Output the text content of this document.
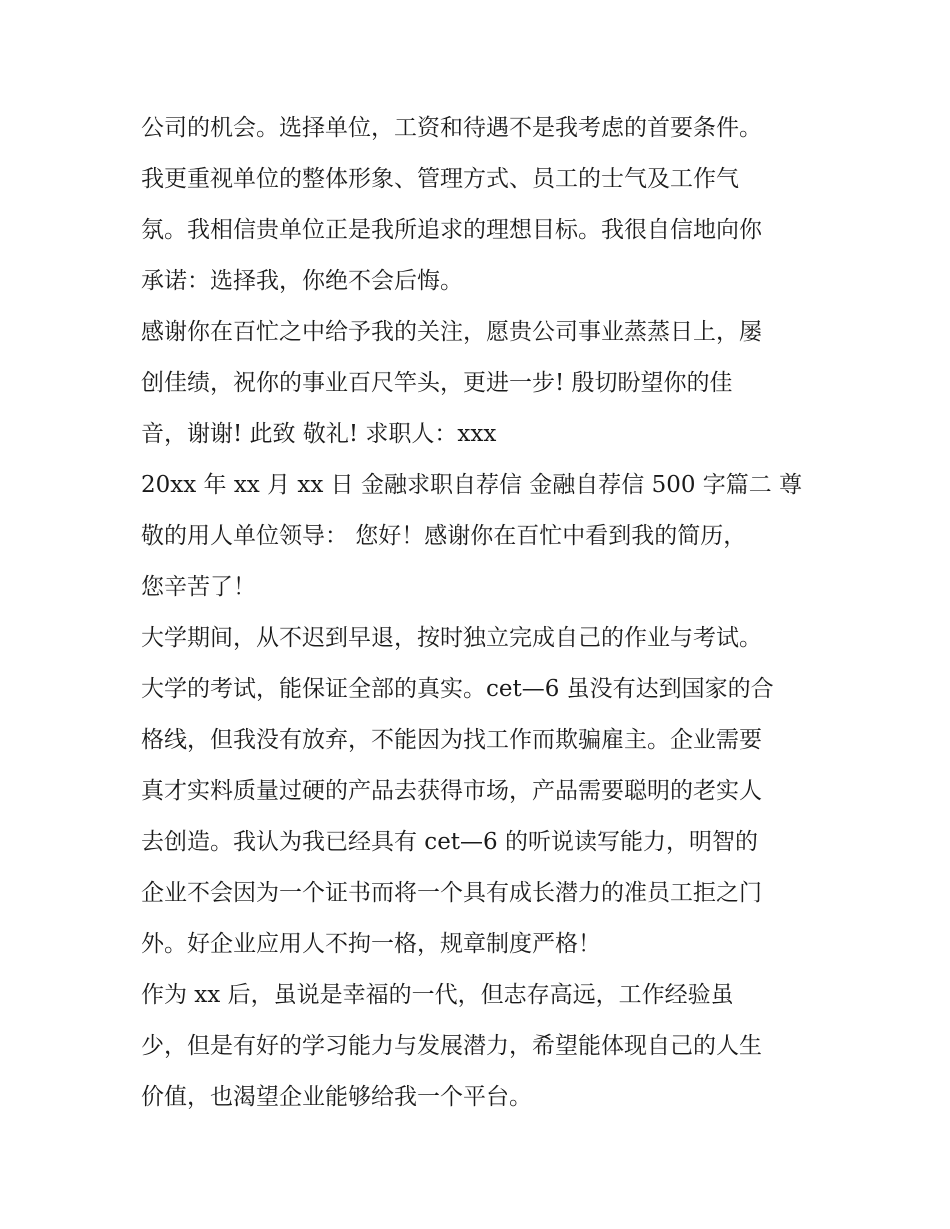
公司的机会。选择单位，工资和待遇不是我考虑的首要条件。
我更重视单位的整体形象、管理方式、员工的士气及工作气
氛。我相信贵单位正是我所追求的理想目标。我很自信地向你
承诺：选择我，你绝不会后悔。
感谢你在百忙之中给予我的关注，愿贵公司事业蒸蒸日上，屡
创佳绩，祝你的事业百尺竿头，更进一步! 殷切盼望你的佳
音，谢谢! 此致 敬礼! 求职人：xxx
20xx 年 xx 月 xx 日 金融求职自荐信 金融自荐信 500 字篇二 尊
敬的用人单位领导： 您好！感谢你在百忙中看到我的简历，
您辛苦了！
大学期间，从不迟到早退，按时独立完成自己的作业与考试。
大学的考试，能保证全部的真实。cet—6 虽没有达到国家的合
格线，但我没有放弃，不能因为找工作而欺骗雇主。企业需要
真才实料质量过硬的产品去获得市场，产品需要聪明的老实人
去创造。我认为我已经具有 cet—6 的听说读写能力，明智的
企业不会因为一个证书而将一个具有成长潜力的准员工拒之门
外。好企业应用人不拘一格，规章制度严格！
作为 xx 后，虽说是幸福的一代，但志存高远，工作经验虽
少，但是有好的学习能力与发展潜力，希望能体现自己的人生
价值，也渴望企业能够给我一个平台。
